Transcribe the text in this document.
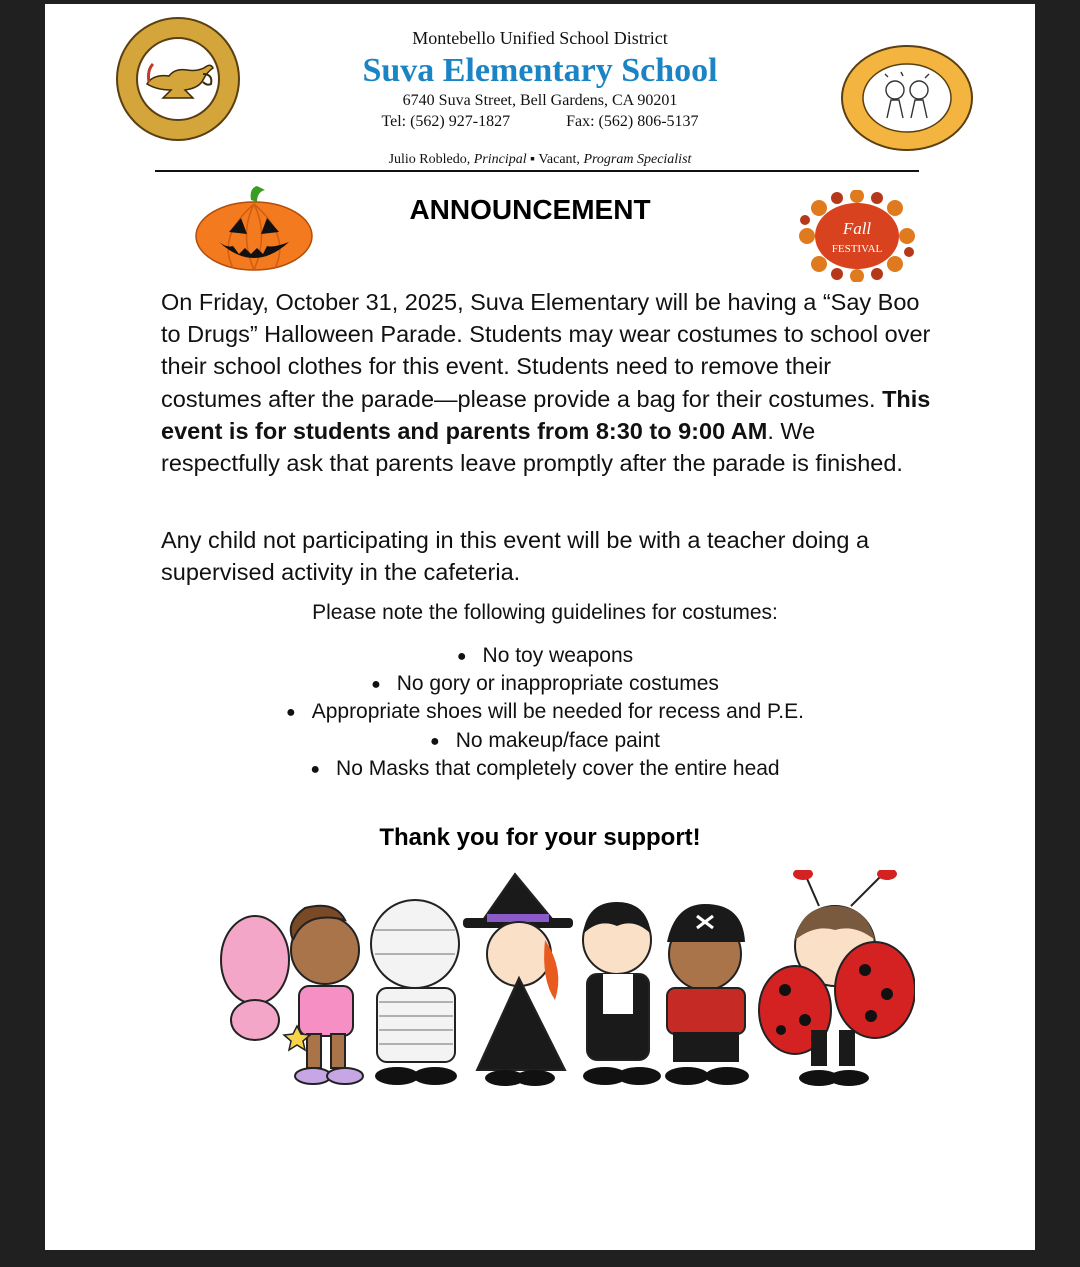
Montebello Unified School District
Suva Elementary School
6740 Suva Street, Bell Gardens, CA 90201
Tel: (562) 927-1827	Fax: (562) 806-5137
Julio Robledo, Principal ▪ Vacant, Program Specialist
Fall
FESTIVAL
ANNOUNCEMENT
On Friday, October 31, 2025, Suva Elementary will be having a “Say Boo to Drugs” Halloween Parade. Students may wear costumes to school over their school clothes for this event. Students need to remove their costumes after the parade—please provide a bag for their costumes. This event is for students and parents from 8:30 to 9:00 AM. We respectfully ask that parents leave promptly after the parade is finished.
Any child not participating in this event will be with a teacher doing a supervised activity in the cafeteria.
Please note the following guidelines for costumes:
● No toy weapons
● No gory or inappropriate costumes
● Appropriate shoes will be needed for recess and P.E.
● No makeup/face paint
● No Masks that completely cover the entire head
Thank you for your support!
